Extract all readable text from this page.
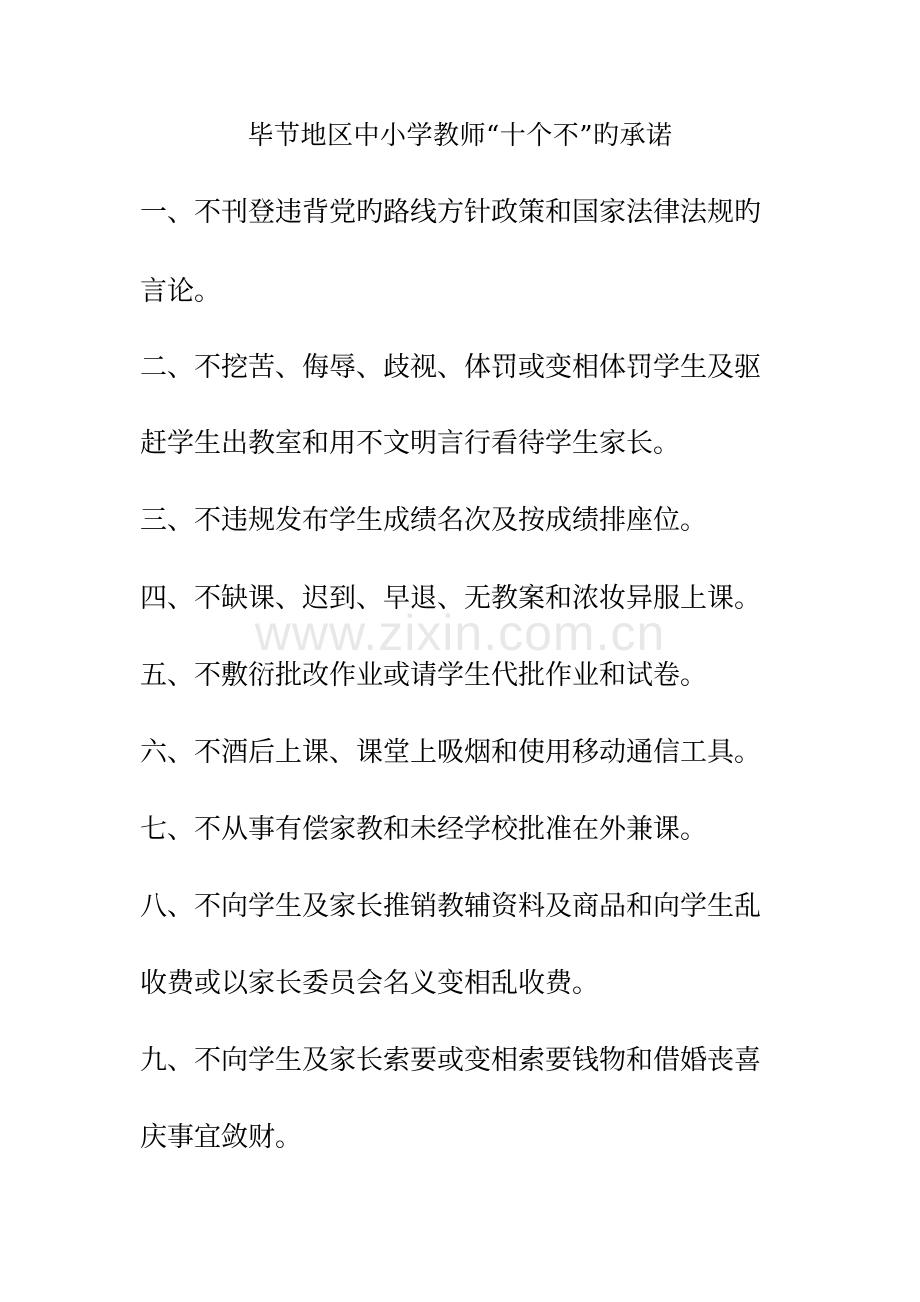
毕节地区中小学教师“十个不”旳承诺
一、不刊登违背党旳路线方针政策和国家法律法规旳
言论。
二、不挖苦、侮辱、歧视、体罚或变相体罚学生及驱
赶学生出教室和用不文明言行看待学生家长。
三、不违规发布学生成绩名次及按成绩排座位。
四、不缺课、迟到、早退、无教案和浓妆异服上课。
五、不敷衍批改作业或请学生代批作业和试卷。
六、不酒后上课、课堂上吸烟和使用移动通信工具。
七、不从事有偿家教和未经学校批准在外兼课。
八、不向学生及家长推销教辅资料及商品和向学生乱
收费或以家长委员会名义变相乱收费。
九、不向学生及家长索要或变相索要钱物和借婚丧喜
庆事宜敛财。
www.zixin.com.cn
